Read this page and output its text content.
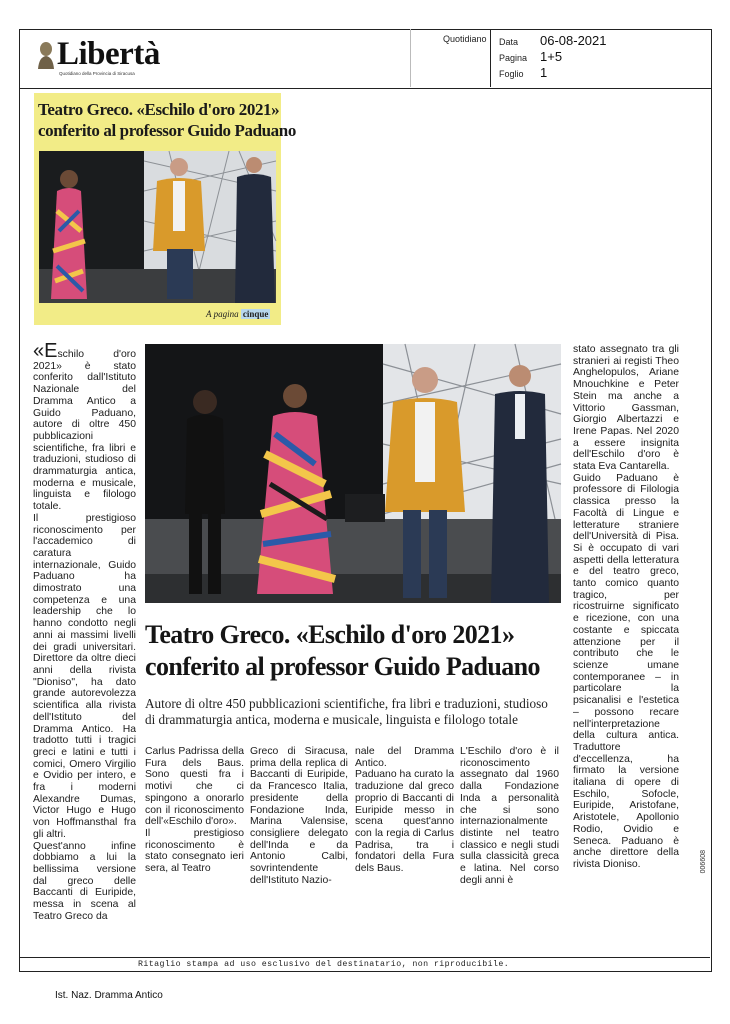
Libertà
Quotidiano della Provincia di Siracusa
Quotidiano Data 06-08-2021
Pagina 1+5
Foglio 1
Teatro Greco. «Eschilo d'oro 2021»
conferito al professor Guido Paduano
A pagina cinque
Teatro Greco. «Eschilo d'oro 2021»
conferito al professor Guido Paduano
Autore di oltre 450 pubblicazioni scientifiche, fra libri e traduzioni, studioso di drammaturgia antica, moderna e musicale, linguista e filologo totale

«Eschilo d'oro 2021» è stato conferito dall'Istituto Nazionale del Dramma Antico a Guido Paduano, autore di oltre 450 pubblicazioni scientifiche, fra libri e traduzioni, studioso di drammaturgia antica, moderna e musicale, linguista e filologo totale.

Il prestigioso riconoscimento per l'accademico di caratura internazionale, Guido Paduano ha dimostrato una competenza e una leadership che lo hanno condotto negli anni ai massimi livelli dei gradi universitari. Direttore da oltre dieci anni della rivista "Dioniso", ha dato grande autorevolezza scientifica alla rivista dell'Istituto del Dramma Antico. Ha tradotto tutti i tragici greci e latini e tutti i comici, Omero Virgilio e Ovidio per intero, e fra i moderni Alexandre Dumas, Victor Hugo e Hugo von Hoffmansthal fra gli altri.

Quest'anno infine dobbiamo a lui la bellissima versione dal greco delle Baccanti di Euripide, messa in scena al Teatro Greco da

Carlus Padrissa della Fura dels Baus. Sono questi fra i motivi che ci spingono a onorarlo con il riconoscimento dell'«Eschilo d'oro».

Il prestigioso riconoscimento è stato consegnato ieri sera, al Teatro

Greco di Siracusa, prima della replica di Baccanti di Euripide, da Francesco Italia, presidente della Fondazione Inda, Marina Valensise, consigliere delegato dell'Inda e da Antonio Calbi, sovrintendente dell'Istituto Nazio-

nale del Dramma Antico.

Paduano ha curato la traduzione dal greco proprio di Baccanti di Euripide messo in scena quest'anno con la regia di Carlus Padrisa, tra i fondatori della Fura dels Baus.

L'Eschilo d'oro è il riconoscimento assegnato dal 1960 dalla Fondazione Inda a personalità che si sono internazionalmente distinte nel teatro classico e negli studi sulla classicità greca e latina. Nel corso degli anni è

stato assegnato tra gli stranieri ai registi Theo Anghelopulos, Ariane Mnouchkine e Peter Stein ma anche a Vittorio Gassman, Giorgio Albertazzi e Irene Papas. Nel 2020 a essere insignita dell'Eschilo d'oro è stata Eva Cantarella.

Guido Paduano è professore di Filologia classica presso la Facoltà di Lingue e letterature straniere dell'Università di Pisa. Si è occupato di vari aspetti della letteratura e del teatro greco, tanto comico quanto tragico, per ricostruirne significato e ricezione, con una costante e spiccata attenzione per il contributo che le scienze umane contemporanee – in particolare la psicanalisi e l'estetica – possono recare nell'interpretazione della cultura antica. Traduttore d'eccellenza, ha firmato la versione italiana di opere di Eschilo, Sofocle, Euripide, Aristofane, Aristotele, Apollonio Rodio, Ovidio e Seneca. Paduano è anche direttore della rivista Dioniso.	006608
Ritaglio stampa ad uso esclusivo del destinatario, non riproducibile.
Ist. Naz. Dramma Antico
